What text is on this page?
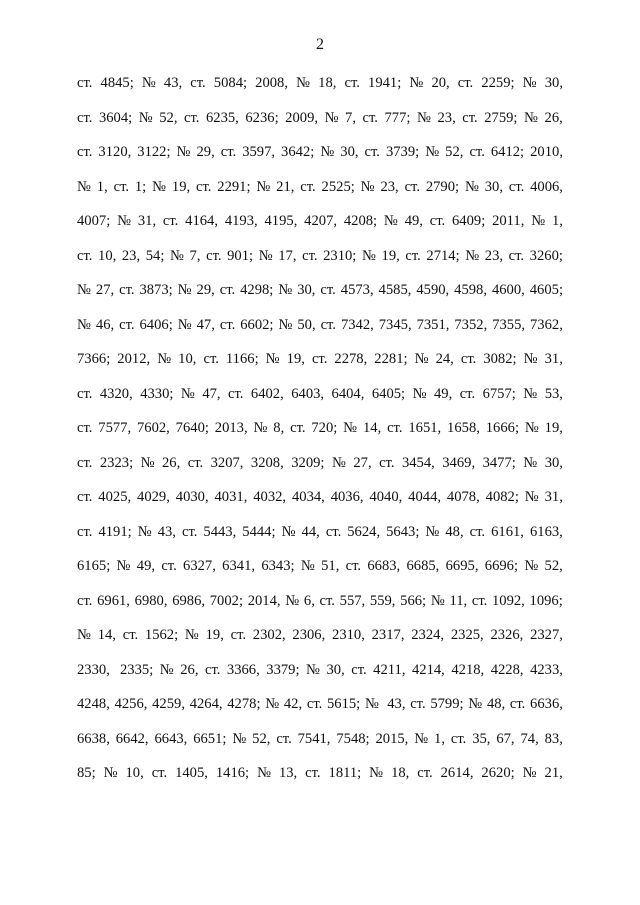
2
ст. 4845; № 43, ст. 5084; 2008, № 18, ст. 1941; № 20, ст. 2259; № 30,
ст. 3604; № 52, ст. 6235, 6236; 2009, № 7, ст. 777; № 23, ст. 2759; № 26,
ст. 3120, 3122; № 29, ст. 3597, 3642; № 30, ст. 3739; № 52, ст. 6412; 2010,
№ 1, ст. 1; № 19, ст. 2291; № 21, ст. 2525; № 23, ст. 2790; № 30, ст. 4006,
4007; № 31, ст. 4164, 4193, 4195, 4207, 4208; № 49, ст. 6409; 2011, № 1,
ст. 10, 23, 54; № 7, ст. 901; № 17, ст. 2310; № 19, ст. 2714; № 23, ст. 3260;
№ 27, ст. 3873; № 29, ст. 4298; № 30, ст. 4573, 4585, 4590, 4598, 4600, 4605;
№ 46, ст. 6406; № 47, ст. 6602; № 50, ст. 7342, 7345, 7351, 7352, 7355, 7362,
7366; 2012, № 10, ст. 1166; № 19, ст. 2278, 2281; № 24, ст. 3082; № 31,
ст. 4320, 4330; № 47, ст. 6402, 6403, 6404, 6405; № 49, ст. 6757; № 53,
ст. 7577, 7602, 7640; 2013, № 8, ст. 720; № 14, ст. 1651, 1658, 1666; № 19,
ст. 2323; № 26, ст. 3207, 3208, 3209; № 27, ст. 3454, 3469, 3477; № 30,
ст. 4025, 4029, 4030, 4031, 4032, 4034, 4036, 4040, 4044, 4078, 4082; № 31,
ст. 4191; № 43, ст. 5443, 5444; № 44, ст. 5624, 5643; № 48, ст. 6161, 6163,
6165; № 49, ст. 6327, 6341, 6343; № 51, ст. 6683, 6685, 6695, 6696; № 52,
ст. 6961, 6980, 6986, 7002; 2014, № 6, ст. 557, 559, 566; № 11, ст. 1092, 1096;
№ 14, ст. 1562; № 19, ст. 2302, 2306, 2310, 2317, 2324, 2325, 2326, 2327,
2330, 2335; № 26, ст. 3366, 3379; № 30, ст. 4211, 4214, 4218, 4228, 4233,
4248, 4256, 4259, 4264, 4278; № 42, ст. 5615; № 43, ст. 5799; № 48, ст. 6636,
6638, 6642, 6643, 6651; № 52, ст. 7541, 7548; 2015, № 1, ст. 35, 67, 74, 83,
85; № 10, ст. 1405, 1416; № 13, ст. 1811; № 18, ст. 2614, 2620; № 21,
